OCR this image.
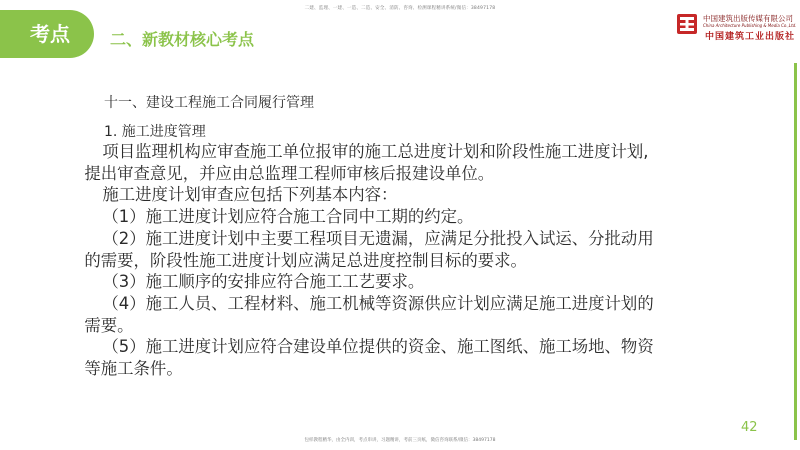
二建、监理、一建、一造、二造、安全、消防、咨询、检测课程精讲系统/微信：38497178
考点	二、新教材核心考点
中国建筑出版传媒有限公司
China Architecture Publishing & Media Co.,Ltd.
中国建筑工业出版社
十一、建设工程施工合同履行管理
1. 施工进度管理

项目监理机构应审查施工单位报审的施工总进度计划和阶段性施工进度计划,

提出审查意见，并应由总监理工程师审核后报建设单位。

施工进度计划审查应包括下列基本内容：

（1）施工进度计划应符合施工合同中工期的约定。

（2）施工进度计划中主要工程项目无遗漏，应满足分批投入试运、分批动用

的需要，阶段性施工进度计划应满足总进度控制目标的要求。

（3）施工顺序的安排应符合施工工艺要求。

（4）施工人员、工程材料、施工机械等资源供应计划应满足施工进度计划的

需要。

（5）施工进度计划应符合建设单位提供的资金、施工图纸、施工场地、物资

等施工条件。

42
包样教程精华，由全内训，考点串讲，习题精讲，考前三页纸，微信咨询联系/微信：38497178
